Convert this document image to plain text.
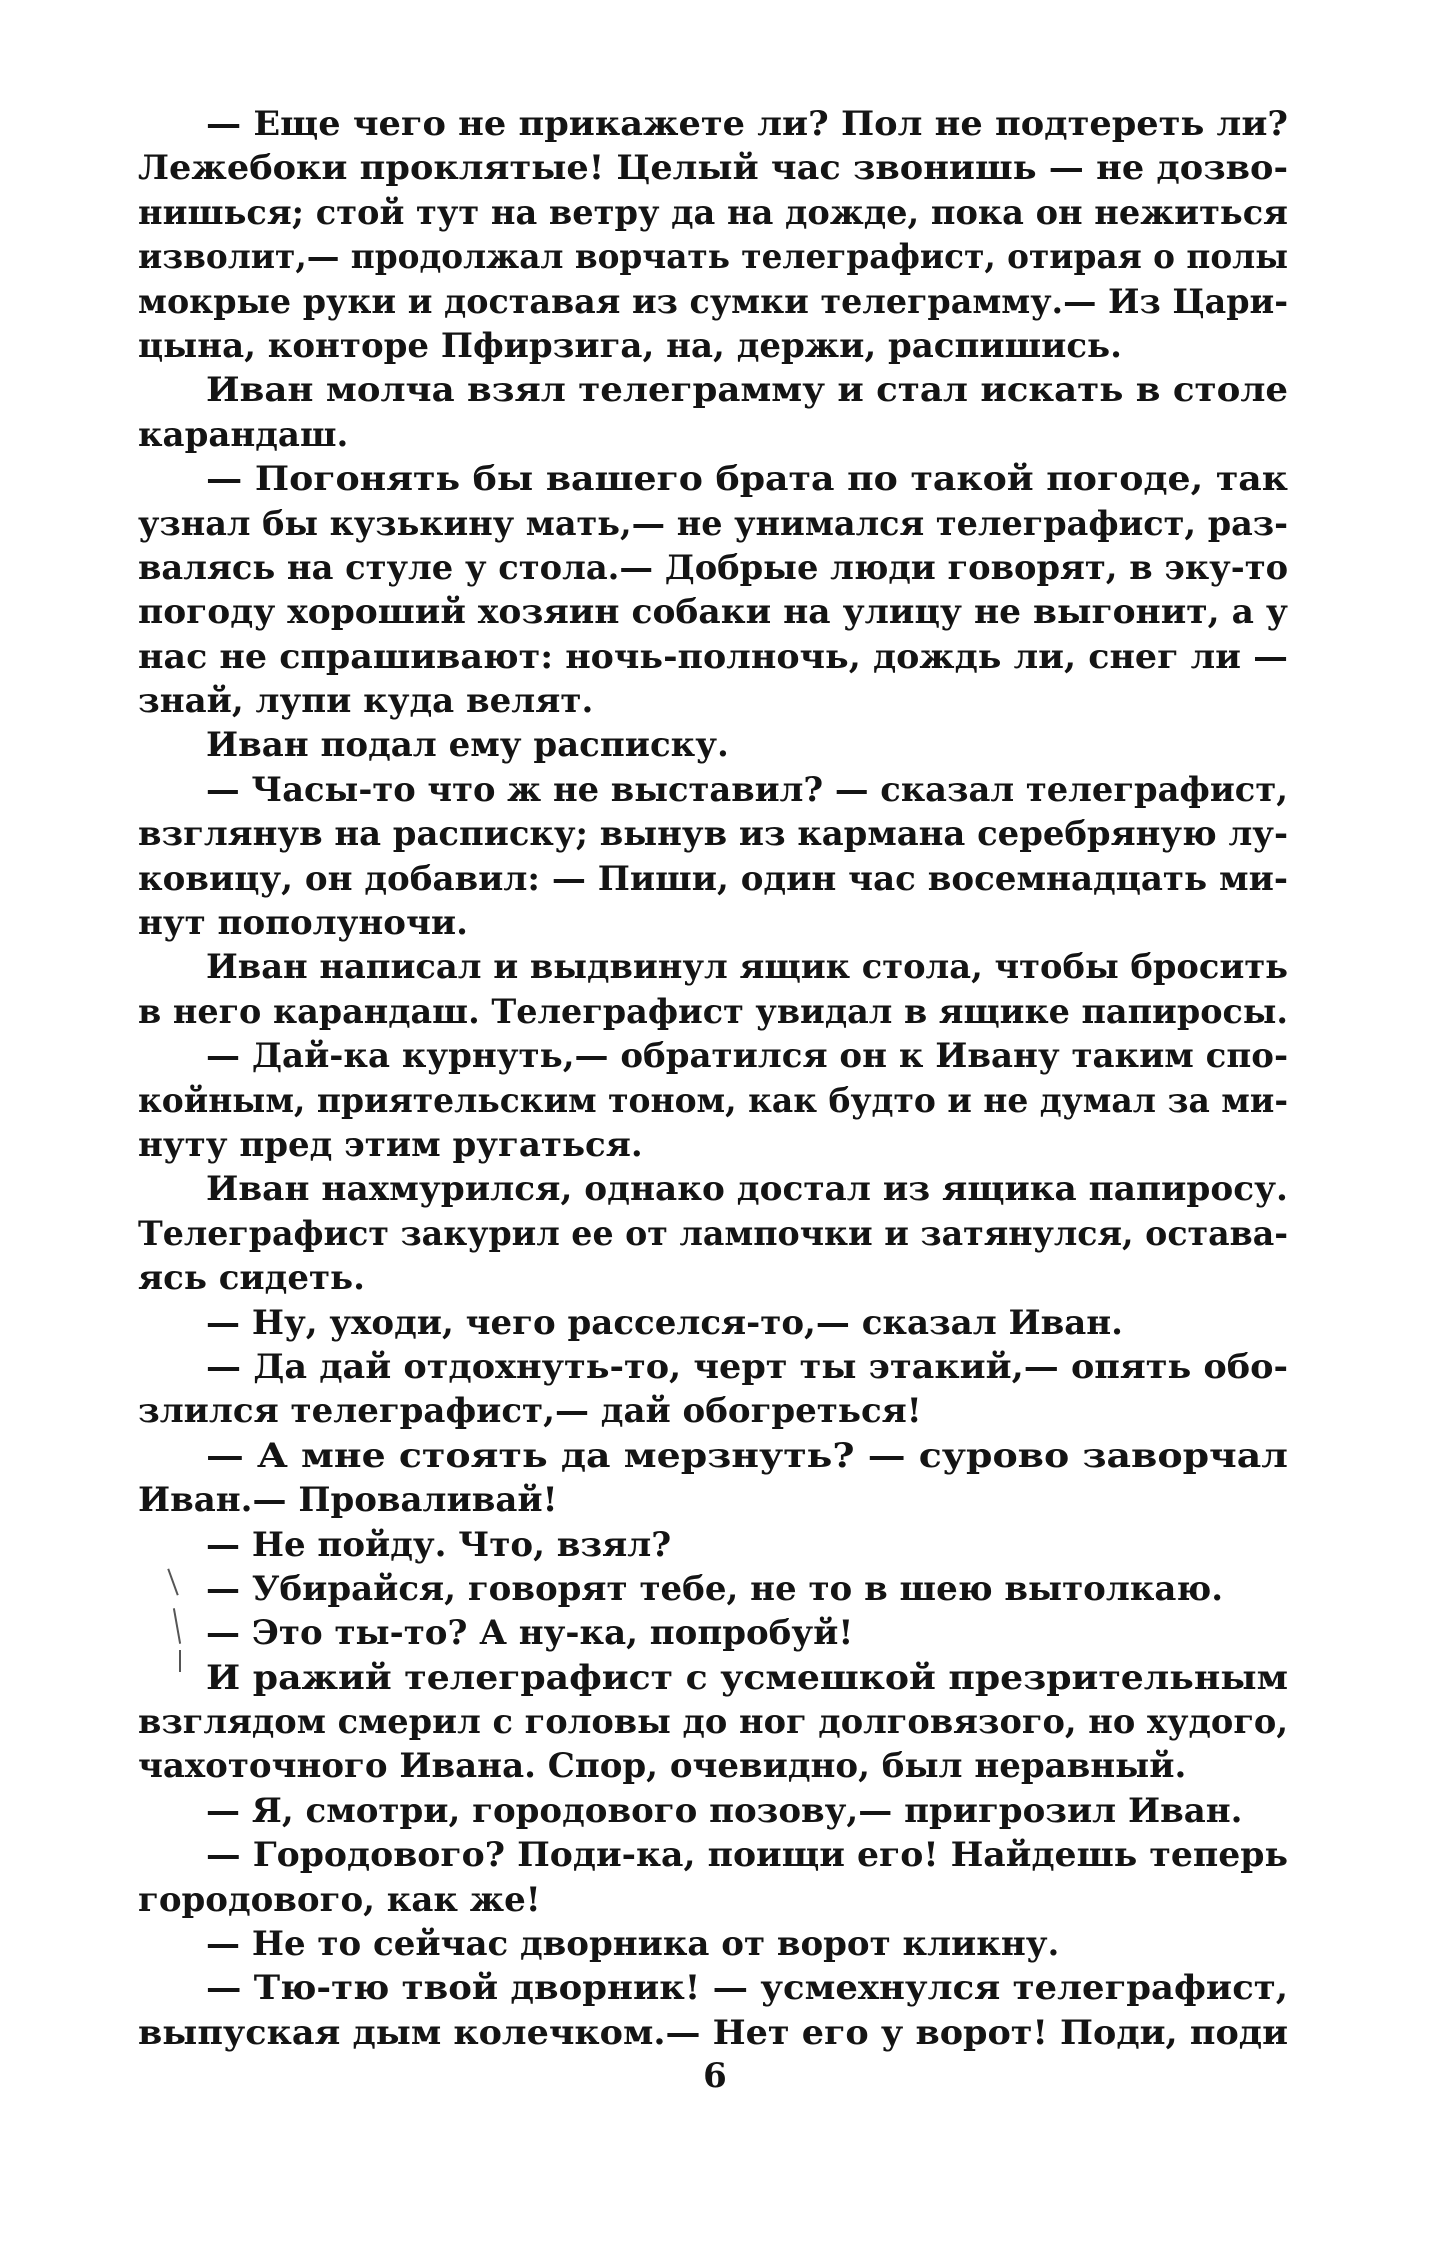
— Еще чего не прикажете ли? Пол не подтереть ли?
Лежебоки проклятые! Целый час звонишь — не дозво-
нишься; стой тут на ветру да на дожде, пока он нежиться
изволит,— продолжал ворчать телеграфист, отирая о полы
мокрые руки и доставая из сумки телеграмму.— Из Цари-
цына, конторе Пфирзига, на, держи, распишись.
Иван молча взял телеграмму и стал искать в столе
карандаш.
— Погонять бы вашего брата по такой погоде, так
узнал бы кузькину мать,— не унимался телеграфист, раз-
валясь на стуле у стола.— Добрые люди говорят, в эку-то
погоду хороший хозяин собаки на улицу не выгонит, а у
нас не спрашивают: ночь-полночь, дождь ли, снег ли —
знай, лупи куда велят.
Иван подал ему расписку.
— Часы-то что ж не выставил? — сказал телеграфист,
взглянув на расписку; вынув из кармана серебряную лу-
ковицу, он добавил: — Пиши, один час восемнадцать ми-
нут пополуночи.
Иван написал и выдвинул ящик стола, чтобы бросить
в него карандаш. Телеграфист увидал в ящике папиросы.
— Дай-ка курнуть,— обратился он к Ивану таким спо-
койным, приятельским тоном, как будто и не думал за ми-
нуту пред этим ругаться.
Иван нахмурился, однако достал из ящика папиросу.
Телеграфист закурил ее от лампочки и затянулся, остава-
ясь сидеть.
— Ну, уходи, чего расселся-то,— сказал Иван.
— Да дай отдохнуть-то, черт ты этакий,— опять обо-
злился телеграфист,— дай обогреться!
— А мне стоять да мерзнуть? — сурово заворчал
Иван.— Проваливай!
— Не пойду. Что, взял?
— Убирайся, говорят тебе, не то в шею вытолкаю.
— Это ты-то? А ну-ка, попробуй!
И ражий телеграфист с усмешкой презрительным
взглядом смерил с головы до ног долговязого, но худого,
чахоточного Ивана. Спор, очевидно, был неравный.
— Я, смотри, городового позову,— пригрозил Иван.
— Городового? Поди-ка, поищи его! Найдешь теперь
городового, как же!
— Не то сейчас дворника от ворот кликну.
— Тю-тю твой дворник! — усмехнулся телеграфист,
выпуская дым колечком.— Нет его у ворот! Поди, поди
6
